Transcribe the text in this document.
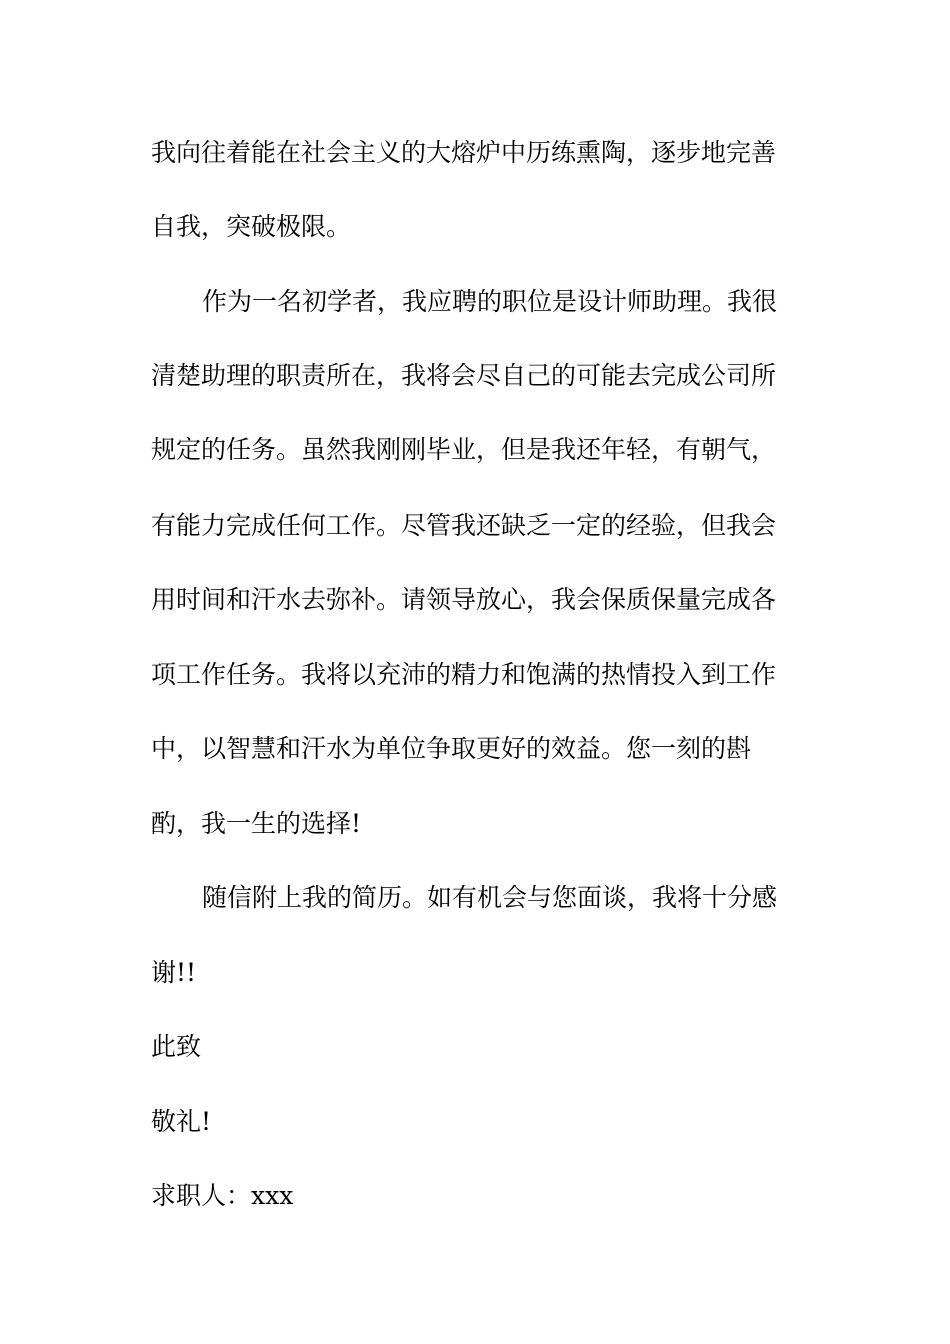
我向往着能在社会主义的大熔炉中历练熏陶，逐步地完善
自我，突破极限。
作为一名初学者，我应聘的职位是设计师助理。我很
清楚助理的职责所在，我将会尽自己的可能去完成公司所
规定的任务。虽然我刚刚毕业，但是我还年轻，有朝气，
有能力完成任何工作。尽管我还缺乏一定的经验，但我会
用时间和汗水去弥补。请领导放心，我会保质保量完成各
项工作任务。我将以充沛的精力和饱满的热情投入到工作
中，以智慧和汗水为单位争取更好的效益。您一刻的斟
酌，我一生的选择!
随信附上我的简历。如有机会与您面谈，我将十分感
谢!!
此致
敬礼!
求职人：xxx
